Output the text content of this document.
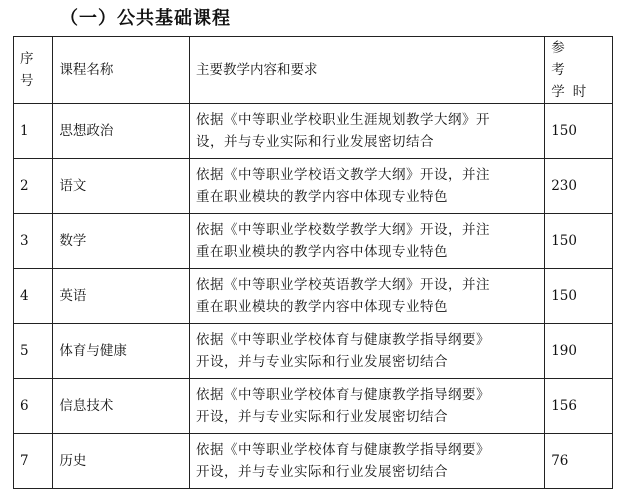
（一）公共基础课程
序号	课程名称	主要教学内容和要求	参 考
学时
1	思想政治	依据《中等职业学校职业生涯规划教学大纲》开
设，并与专业实际和行业发展密切结合	150
2	语文	依据《中等职业学校语文教学大纲》开设，并注
重在职业模块的教学内容中体现专业特色	230
3	数学	依据《中等职业学校数学教学大纲》开设，并注
重在职业模块的教学内容中体现专业特色	150
4	英语	依据《中等职业学校英语教学大纲》开设，并注
重在职业模块的教学内容中体现专业特色	150
5	体育与健康	依据《中等职业学校体育与健康教学指导纲要》
开设，并与专业实际和行业发展密切结合	190
6	信息技术	依据《中等职业学校体育与健康教学指导纲要》
开设，并与专业实际和行业发展密切结合	156
7	历史	依据《中等职业学校体育与健康教学指导纲要》
开设，并与专业实际和行业发展密切结合	76
